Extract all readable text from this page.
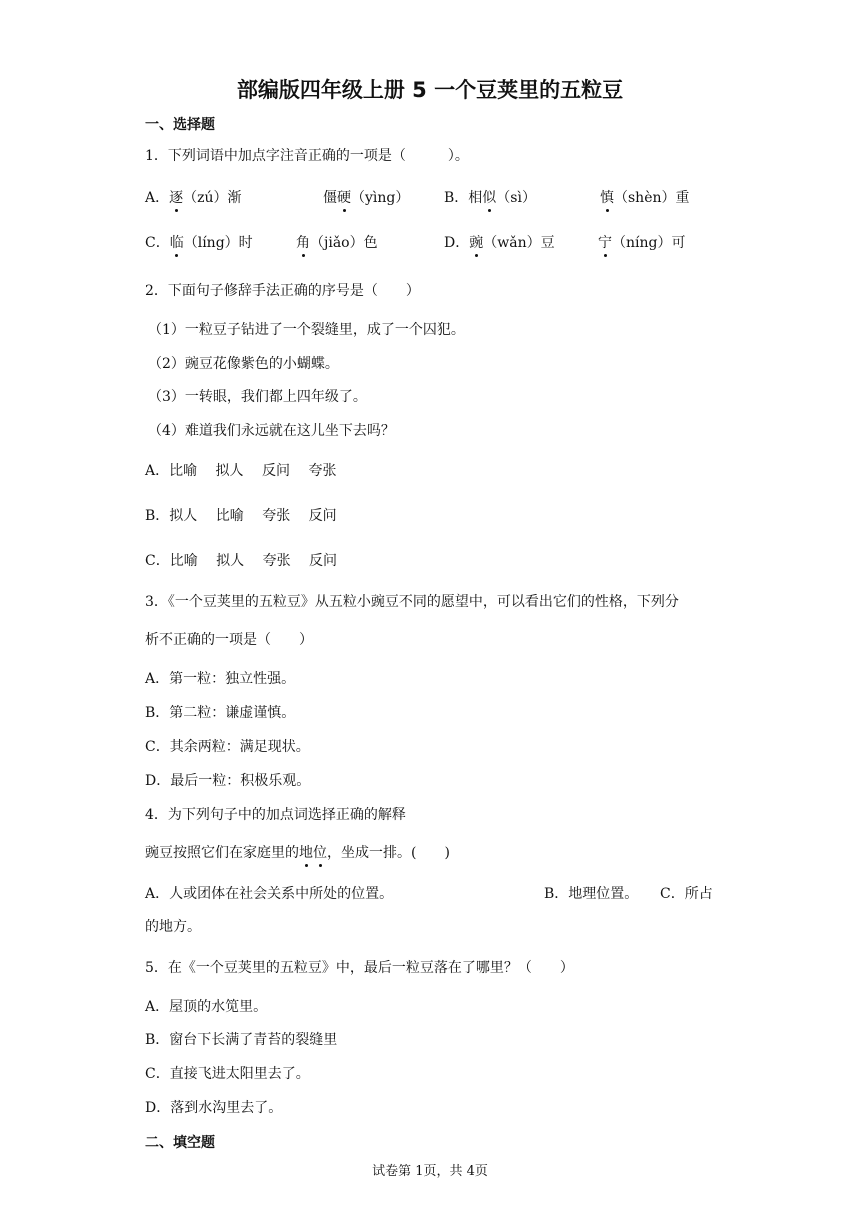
部编版四年级上册 5 一个豆荚里的五粒豆
一、选择题
1．下列词语中加点字注音正确的一项是（　　　）。
A．逐（zú）渐	僵硬（yìng） B．相似（sì）	慎（shèn）重
C．临（líng）时	角（jiǎo）色	D．豌（wǎn）豆	宁（níng）可
2．下面句子修辞手法正确的序号是（　　）
（1）一粒豆子钻进了一个裂缝里，成了一个囚犯。
（2）豌豆花像紫色的小蝴蝶。
（3）一转眼，我们都上四年级了。
（4）难道我们永远就在这儿坐下去吗？
A．比喻　 拟人　 反问　 夸张
B．拟人　 比喻　 夸张　 反问
C．比喻　 拟人　 夸张　 反问
3．《一个豆荚里的五粒豆》从五粒小豌豆不同的愿望中，可以看出它们的性格，下列分
析不正确的一项是（　　）
A．第一粒：独立性强。
B．第二粒：谦虚谨慎。
C．其余两粒：满足现状。
D．最后一粒：积极乐观。
4．为下列句子中的加点词选择正确的解释
豌豆按照它们在家庭里的地位，坐成一排。(　　)
A．人或团体在社会关系中所处的位置。	B．地理位置。 C．所占
的地方。
5．在《一个豆荚里的五粒豆》中，最后一粒豆落在了哪里？（　　）
A．屋顶的水笕里。
B．窗台下长满了青苔的裂缝里
C．直接飞进太阳里去了。
D．落到水沟里去了。
二、填空题
试卷第 1页，共 4页
